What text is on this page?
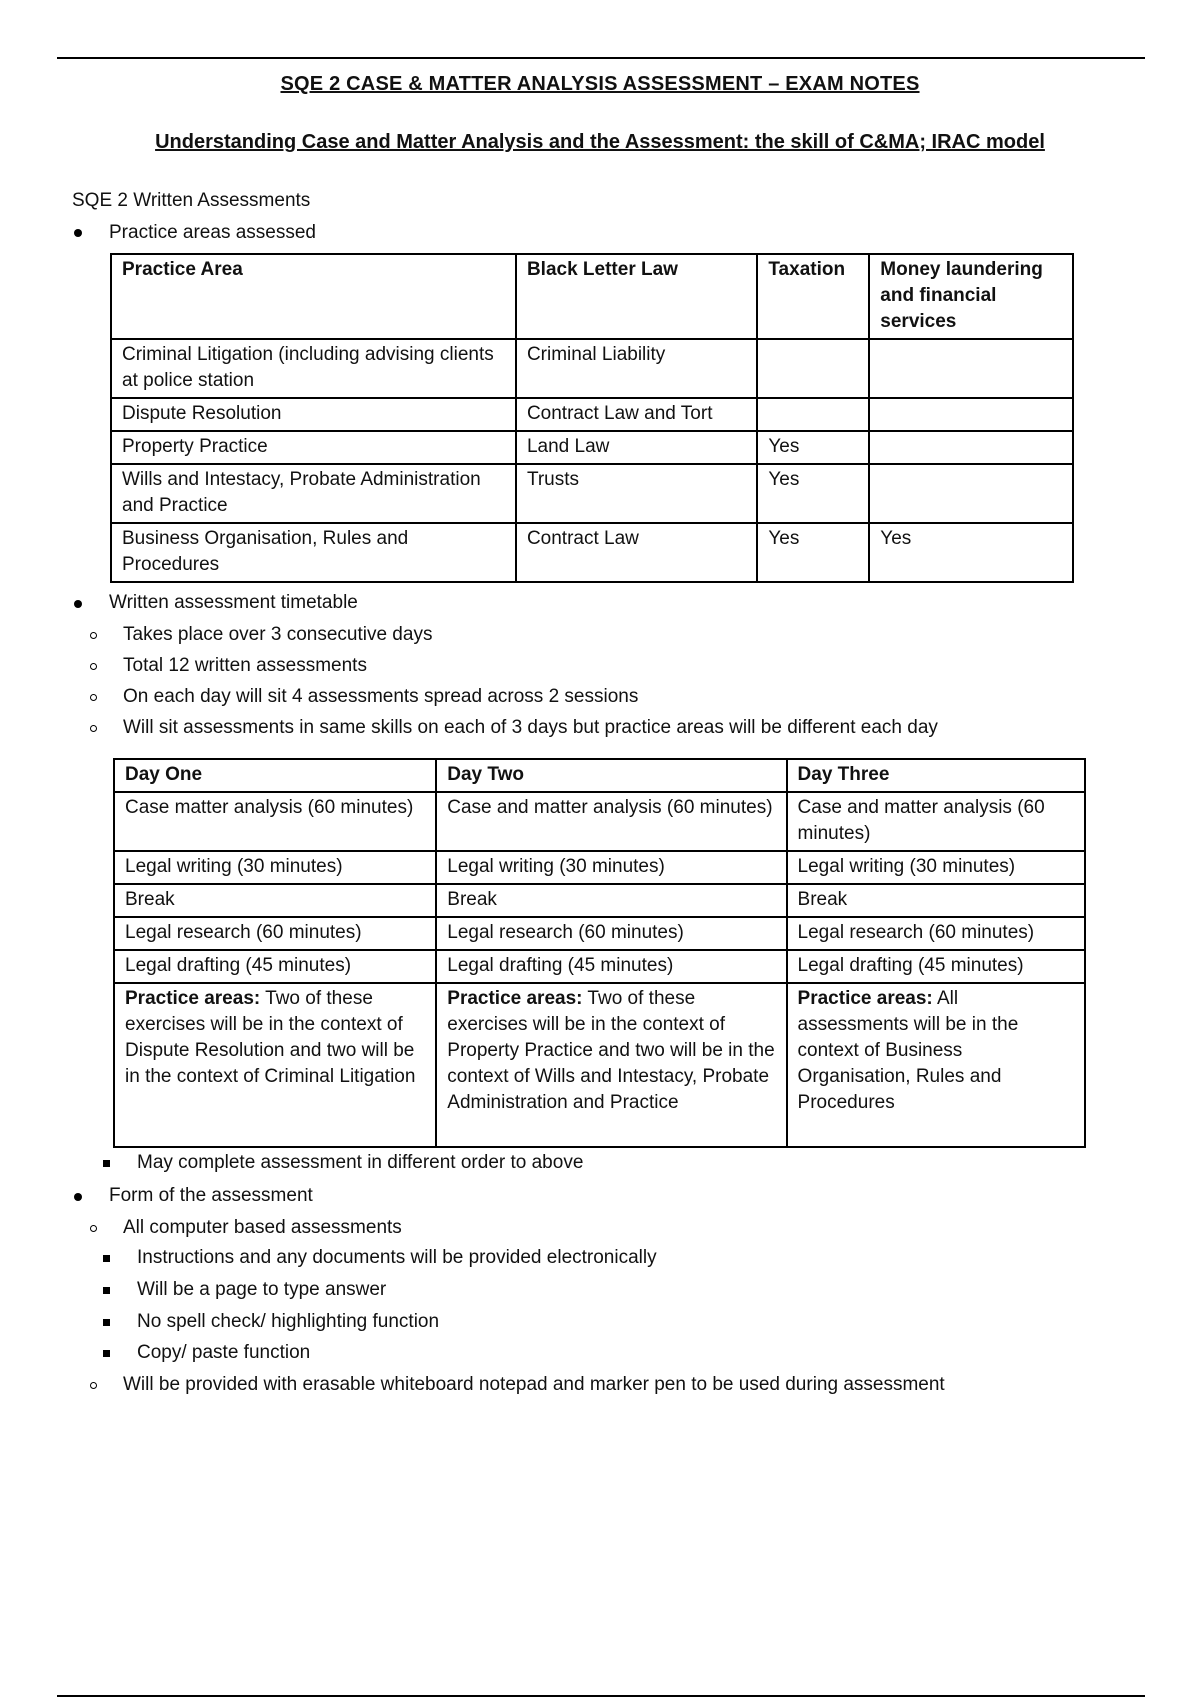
SQE 2 CASE & MATTER ANALYSIS ASSESSMENT – EXAM NOTES
Understanding Case and Matter Analysis and the Assessment: the skill of C&MA; IRAC model
SQE 2 Written Assessments
Practice areas assessed
Practice Area	Black Letter Law	Taxation	Money laundering and financial services
Criminal Litigation (including advising clients at police station	Criminal Liability		
Dispute Resolution	Contract Law and Tort		
Property Practice	Land Law	Yes	
Wills and Intestacy, Probate Administration and Practice	Trusts	Yes	
Business Organisation, Rules and Procedures	Contract Law	Yes	Yes
Written assessment timetable
Takes place over 3 consecutive days
Total 12 written assessments
On each day will sit 4 assessments spread across 2 sessions
Will sit assessments in same skills on each of 3 days but practice areas will be different each day
Day One	Day Two	Day Three
Case matter analysis (60 minutes)	Case and matter analysis (60 minutes)	Case and matter analysis (60 minutes)
Legal writing (30 minutes)	Legal writing (30 minutes)	Legal writing (30 minutes)
Break	Break	Break
Legal research (60 minutes)	Legal research (60 minutes)	Legal research (60 minutes)
Legal drafting (45 minutes)	Legal drafting (45 minutes)	Legal drafting (45 minutes)
Practice areas: Two of these exercises will be in the context of Dispute Resolution and two will be in the context of Criminal Litigation	Practice areas: Two of these exercises will be in the context of Property Practice and two will be in the context of Wills and Intestacy, Probate Administration and Practice	Practice areas: All assessments will be in the context of Business Organisation, Rules and Procedures
May complete assessment in different order to above
Form of the assessment
All computer based assessments
Instructions and any documents will be provided electronically
Will be a page to type answer
No spell check/ highlighting function
Copy/ paste function
Will be provided with erasable whiteboard notepad and marker pen to be used during assessment
